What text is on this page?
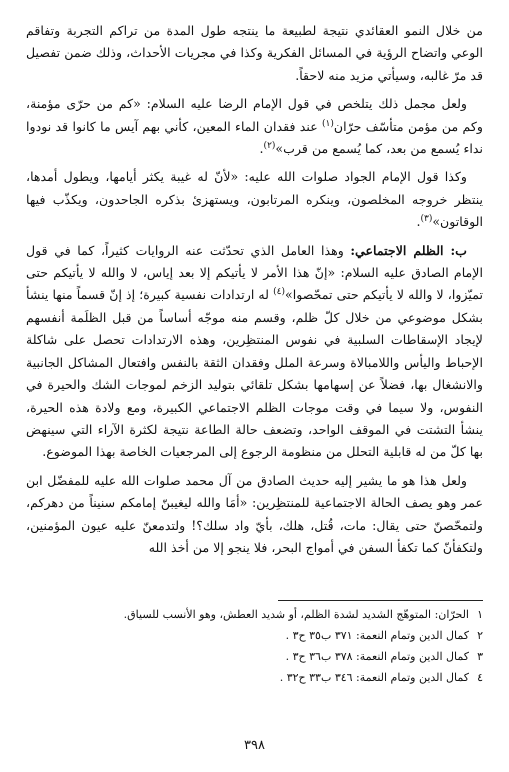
من خلال النمو العقائدي نتيجة لطبيعة ما ينتجه طول المدة من تراكم التجربة وتفاقم الوعي واتضاح الرؤية في المسائل الفكرية وكذا في مجريات الأحداث، وذلك ضمن تفصيل قد مرّ غالبه، وسيأتي مزيد منه لاحقاً.

ولعل مجمل ذلك يتلخص في قول الإمام الرضا عليه السلام: «كم من حرّى مؤمنة، وكم من مؤمن متأسّف حرّان$^{(١)}$ عند فقدان الماء المعين، كأني بهم آيس ما كانوا قد نودوا نداء يُسمع من بعد، كما يُسمع من قرب»$^{(٢)}$.

وكذا قول الإمام الجواد صلوات الله عليه: «لأنّ له غيبة يكثر أيامها، ويطول أمدها، ينتظر خروجه المخلصون، وينكره المرتابون، ويستهزئ بذكره الجاحدون، ويكذّب فيها الوقاتون»$^{(٣)}$.

ب: الظلم الاجتماعي: وهذا العامل الذي تحدّثت عنه الروايات كثيراً، كما في قول الإمام الصادق عليه السلام: «إنّ هذا الأمر لا يأتيكم إلا بعد إياس، لا والله لا يأتيكم حتى تميّزوا، لا والله لا يأتيكم حتى تمحّصوا»$^{(٤)}$ له ارتدادات نفسية كبيرة؛ إذ إنّ قسماً منها ينشأ بشكل موضوعي من خلال كلّ ظلم، وقسم منه موجّه أساساً من قبل الظلَمة أنفسهم لإيجاد الإسقاطات السلبية في نفوس المنتظِرين، وهذه الارتدادات تحصل على شاكلة الإحباط واليأس واللامبالاة وسرعة الملل وفقدان الثقة بالنفس وافتعال المشاكل الجانبية والانشغال بها، فضلاً عن إسهامها بشكل تلقائي بتوليد الزخم لموجات الشك والحيرة في النفوس، ولا سيما في وقت موجات الظلم الاجتماعي الكبيرة، ومع ولادة هذه الحيرة، ينشأ التشتت في الموقف الواحد، وتضعف حالة الطاعة نتيجة لكثرة الآراء التي سينهض بها كلّ من له قابلية التحلل من منظومة الرجوع إلى المرجعيات الخاصة بهذا الموضوع.

ولعل هذا هو ما يشير إليه حديث الصادق من آل محمد صلوات الله عليه للمفضّل ابن عمر وهو يصف الحالة الاجتماعية للمنتظِرين: «أمَا والله ليغيبنّ إمامكم سنيناً من دهركم، ولتمحّصنّ حتى يقال: مات، قُتل، هلك، بأيّ واد سلك؟! ولتدمعنّ عليه عيون المؤمنين، ولتكفأنّ كما تكفأ السفن في أمواج البحر، فلا ينجو إلا من أخذ الله

١
الحرّان: المتوهّج الشديد لشدة الظلم، أو شديد العطش، وهو الأنسب للسياق.
٢
كمال الدين وتمام النعمة: ٣٧١ ب٣٥ ح٣ .
٣
كمال الدين وتمام النعمة: ٣٧٨ ب٣٦ ح٣ .
٤
كمال الدين وتمام النعمة: ٣٤٦ ب٣٣ ح٣٢ .
٣٩٨
